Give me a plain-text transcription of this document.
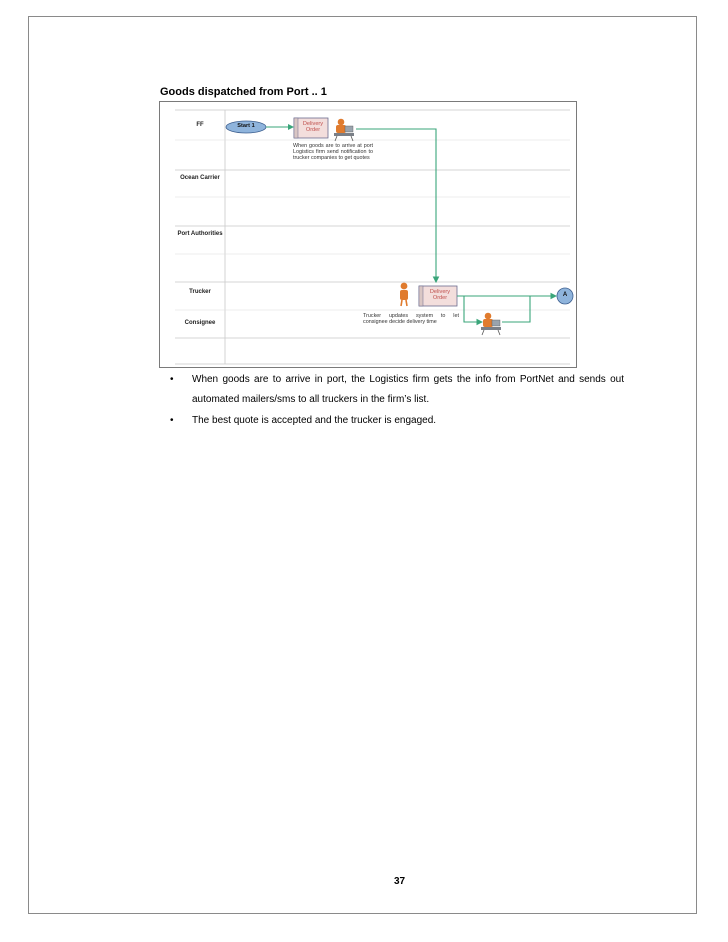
Goods dispatched from Port .. 1
FF
Ocean Carrier
Port Authorities
Trucker
Consignee
Start 1	Delivery Order
Delivery Order
When goods are to arrive at port Logistics firm send notification to trucker companies to get quotes
Trucker updates system to let consignee decide delivery time
A
• When goods are to arrive in port, the Logistics firm gets the info from PortNet and sends out automated mailers/sms to all truckers in the firm’s list.
• The best quote is accepted and the trucker is engaged.
37
